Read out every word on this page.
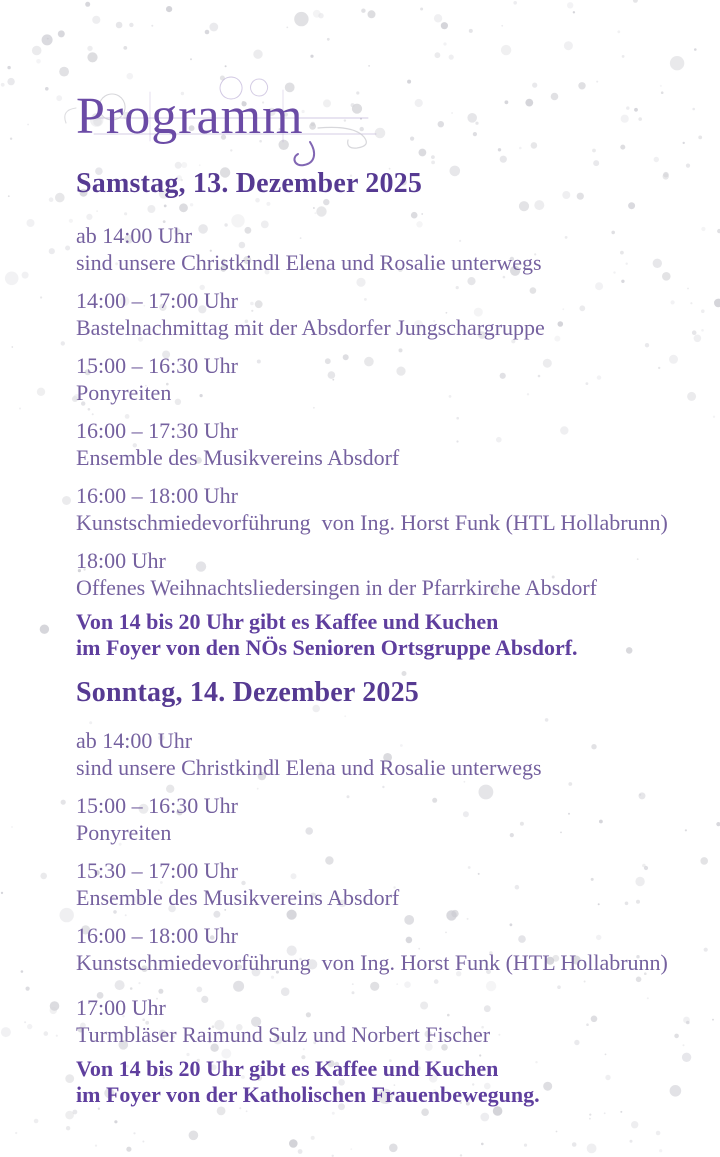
Programm
Samstag, 13. Dezember 2025
ab 14:00 Uhr
sind unsere Christkindl Elena und Rosalie unterwegs
14:00 – 17:00 Uhr
Bastelnachmittag mit der Absdorfer Jungschargruppe
15:00 – 16:30 Uhr
Ponyreiten
16:00 – 17:30 Uhr
Ensemble des Musikvereins Absdorf
16:00 – 18:00 Uhr
Kunstschmiedevorführung  von Ing. Horst Funk (HTL Hollabrunn)
18:00 Uhr
Offenes Weihnachtsliedersingen in der Pfarrkirche Absdorf

Von 14 bis 20 Uhr gibt es Kaffee und Kuchen
im Foyer von den NÖs Senioren Ortsgruppe Absdorf.

Sonntag, 14. Dezember 2025
ab 14:00 Uhr
sind unsere Christkindl Elena und Rosalie unterwegs
15:00 – 16:30 Uhr
Ponyreiten
15:30 – 17:00 Uhr
Ensemble des Musikvereins Absdorf
16:00 – 18:00 Uhr
Kunstschmiedevorführung  von Ing. Horst Funk (HTL Hollabrunn)
17:00 Uhr
Turmbläser Raimund Sulz und Norbert Fischer

Von 14 bis 20 Uhr gibt es Kaffee und Kuchen
im Foyer von der Katholischen Frauenbewegung.
